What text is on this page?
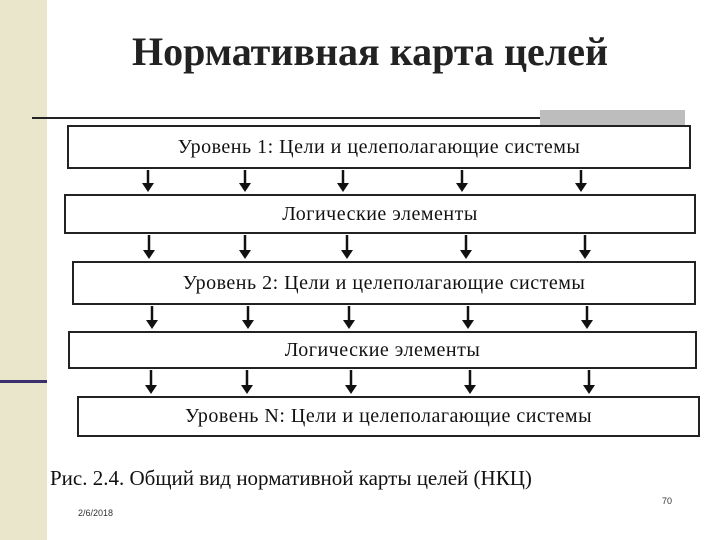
Нормативная карта целей
Уровень 1: Цели и целеполагающие системы
Логические элементы
Уровень 2: Цели и целеполагающие системы
Логические элементы
Уровень N: Цели и целеполагающие системы
Рис. 2.4. Общий вид нормативной карты целей (НКЦ)
2/6/2018
70
